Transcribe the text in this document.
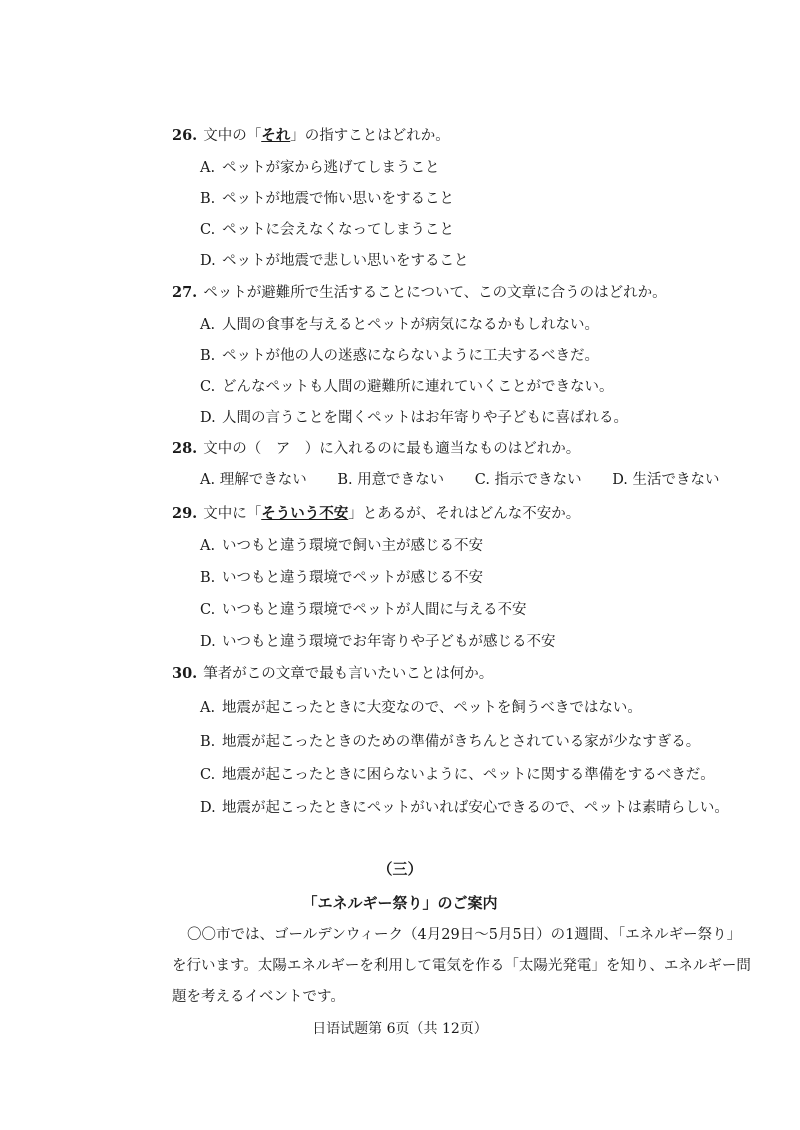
26. 文中の「それ」の指すことはどれか。
A. ペットが家から逃げてしまうこと
B. ペットが地震で怖い思いをすること
C. ペットに会えなくなってしまうこと
D. ペットが地震で悲しい思いをすること
27. ペットが避難所で生活することについて、この文章に合うのはどれか。
A. 人間の食事を与えるとペットが病気になるかもしれない。
B. ペットが他の人の迷惑にならないように工夫するべきだ。
C. どんなペットも人間の避難所に連れていくことができない。
D. 人間の言うことを聞くペットはお年寄りや子どもに喜ばれる。
28. 文中の（　ア　）に入れるのに最も適当なものはどれか。
A. 理解できない B. 用意できない C. 指示できない D. 生活できない
29. 文中に「そういう不安」とあるが、それはどんな不安か。
A. いつもと違う環境で飼い主が感じる不安
B. いつもと違う環境でペットが感じる不安
C. いつもと違う環境でペットが人間に与える不安
D. いつもと違う環境でお年寄りや子どもが感じる不安
30. 筆者がこの文章で最も言いたいことは何か。
A. 地震が起こったときに大変なので、ペットを飼うべきではない。
B. 地震が起こったときのための準備がきちんとされている家が少なすぎる。
C. 地震が起こったときに困らないように、ペットに関する準備をするべきだ。
D. 地震が起こったときにペットがいれば安心できるので、ペットは素晴らしい。
（三）
「エネルギー祭り」のご案内
〇〇市では、ゴールデンウィーク（4月29日〜5月5日）の1週間、「エネルギー祭り」を行います。太陽エネルギーを利用して電気を作る「太陽光発電」を知り、エネルギー問題を考えるイベントです。
日语试题第 6页（共 12页）
